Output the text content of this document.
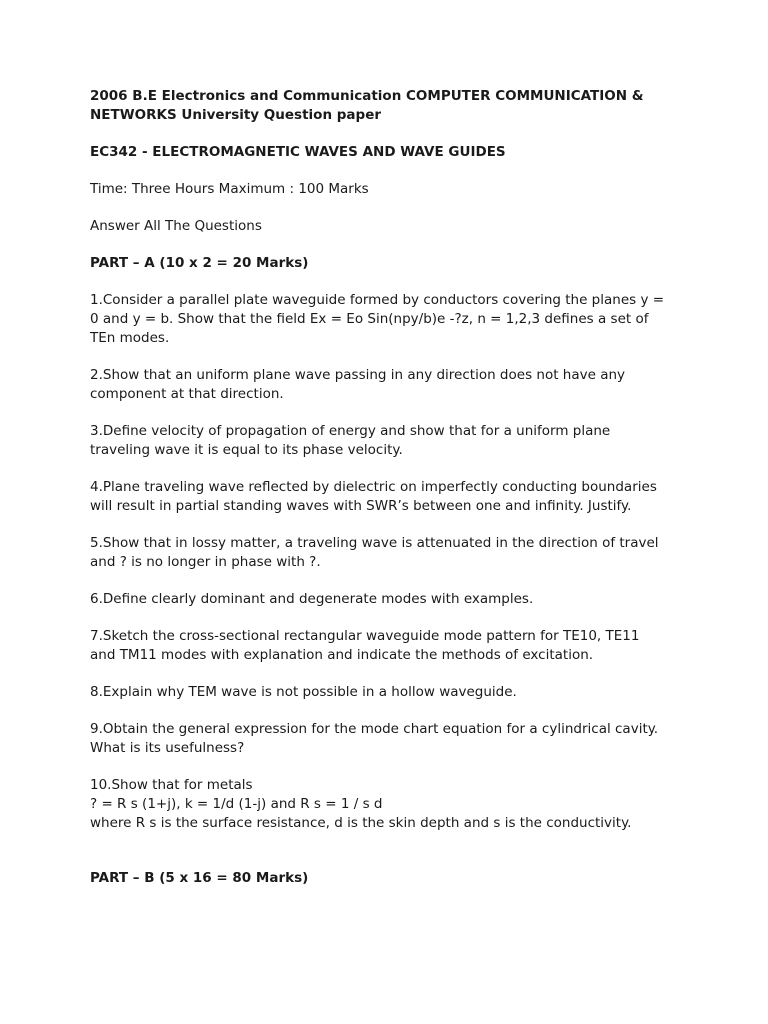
2006 B.E Electronics and Communication COMPUTER COMMUNICATION &
NETWORKS University Question paper
EC342 - ELECTROMAGNETIC WAVES AND WAVE GUIDES
Time: Three Hours Maximum : 100 Marks
Answer All The Questions
PART – A (10 x 2 = 20 Marks)
1.Consider a parallel plate waveguide formed by conductors covering the planes y =
0 and y = b. Show that the field Ex = Eo Sin(npy/b)e -?z, n = 1,2,3 defines a set of
TEn modes.
2.Show that an uniform plane wave passing in any direction does not have any
component at that direction.
3.Define velocity of propagation of energy and show that for a uniform plane
traveling wave it is equal to its phase velocity.
4.Plane traveling wave reflected by dielectric on imperfectly conducting boundaries
will result in partial standing waves with SWR’s between one and infinity. Justify.
5.Show that in lossy matter, a traveling wave is attenuated in the direction of travel
and ? is no longer in phase with ?.
6.Define clearly dominant and degenerate modes with examples.
7.Sketch the cross-sectional rectangular waveguide mode pattern for TE10, TE11
and TM11 modes with explanation and indicate the methods of excitation.
8.Explain why TEM wave is not possible in a hollow waveguide.
9.Obtain the general expression for the mode chart equation for a cylindrical cavity.
What is its usefulness?
10.Show that for metals
? = R s (1+j), k = 1/d (1-j) and R s = 1 / s d
where R s is the surface resistance, d is the skin depth and s is the conductivity.
PART – B (5 x 16 = 80 Marks)
